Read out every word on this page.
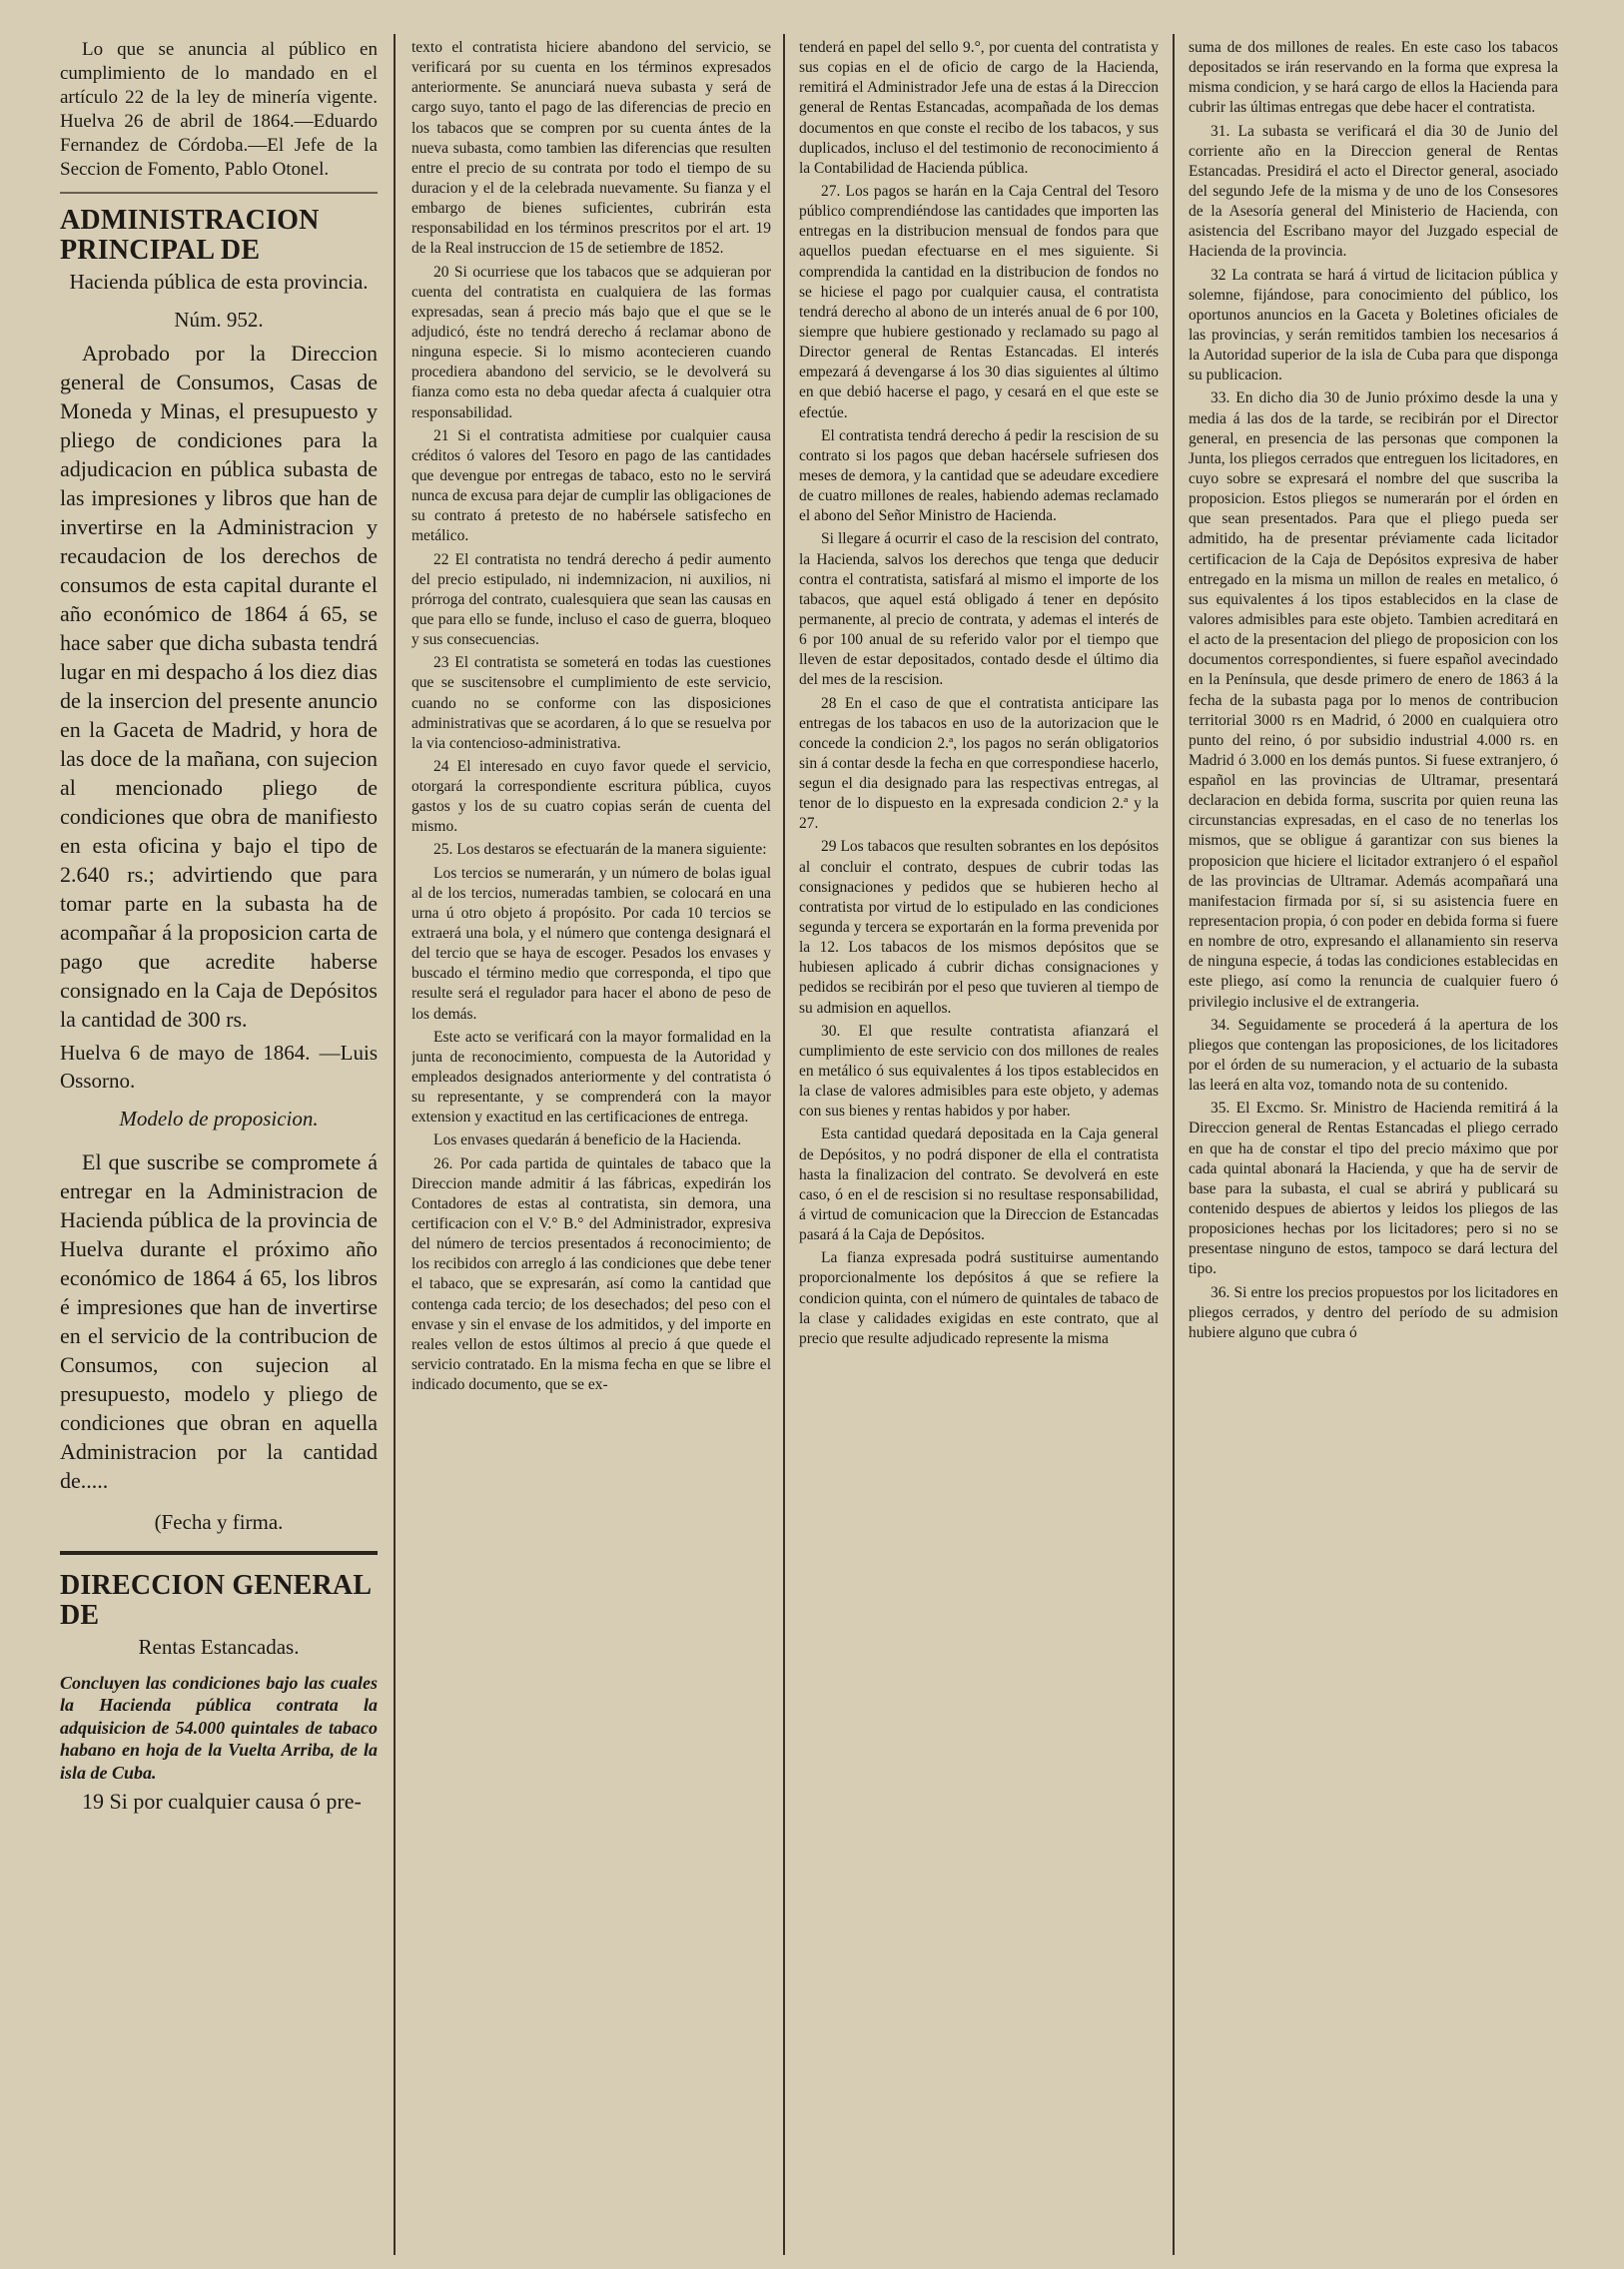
Lo que se anuncia al público en cumplimiento de lo mandado en el artículo 22 de la ley de minería vigente. Huelva 26 de abril de 1864.—Eduardo Fernandez de Córdoba.—El Jefe de la Seccion de Fomento, Pablo Otonel.

ADMINISTRACION PRINCIPAL DE
Hacienda pública de esta provincia.
Núm. 952.

Aprobado por la Direccion general de Consumos, Casas de Moneda y Minas, el presupuesto y pliego de condiciones para la adjudicacion en pública subasta de las impresiones y libros que han de invertirse en la Administracion y recaudacion de los derechos de consumos de esta capital durante el año económico de 1864 á 65, se hace saber que dicha subasta tendrá lugar en mi despacho á los diez dias de la insercion del presente anuncio en la Gaceta de Madrid, y hora de las doce de la mañana, con sujecion al mencionado pliego de condiciones que obra de manifiesto en esta oficina y bajo el tipo de 2.640 rs.; advirtiendo que para tomar parte en la subasta ha de acompañar á la proposicion carta de pago que acredite haberse consignado en la Caja de Depósitos la cantidad de 300 rs.

Huelva 6 de mayo de 1864. —Luis Ossorno.
Modelo de proposicion.

El que suscribe se compromete á entregar en la Administracion de Hacienda pública de la provincia de Huelva durante el próximo año económico de 1864 á 65, los libros é impresiones que han de invertirse en el servicio de la contribucion de Consumos, con sujecion al presupuesto, modelo y pliego de condiciones que obran en aquella Administracion por la cantidad de.....

(Fecha y firma.
DIRECCION GENERAL DE
Rentas Estancadas.

Concluyen las condiciones bajo las cuales la Hacienda pública contrata la adquisicion de 54.000 quintales de tabaco habano en hoja de la Vuelta Arriba, de la isla de Cuba.

19 Si por cualquier causa ó pre-

texto el contratista hiciere abandono del servicio, se verificará por su cuenta en los términos expresados anteriormente. Se anunciará nueva subasta y será de cargo suyo, tanto el pago de las diferencias de precio en los tabacos que se compren por su cuenta ántes de la nueva subasta, como tambien las diferencias que resulten entre el precio de su contrata por todo el tiempo de su duracion y el de la celebrada nuevamente. Su fianza y el embargo de bienes suficientes, cubrirán esta responsabilidad en los términos prescritos por el art. 19 de la Real instruccion de 15 de setiembre de 1852.

20 Si ocurriese que los tabacos que se adquieran por cuenta del contratista en cualquiera de las formas expresadas, sean á precio más bajo que el que se le adjudicó, éste no tendrá derecho á reclamar abono de ninguna especie. Si lo mismo acontecieren cuando procediera abandono del servicio, se le devolverá su fianza como esta no deba quedar afecta á cualquier otra responsabilidad.

21 Si el contratista admitiese por cualquier causa créditos ó valores del Tesoro en pago de las cantidades que devengue por entregas de tabaco, esto no le servirá nunca de excusa para dejar de cumplir las obligaciones de su contrato á pretesto de no habérsele satisfecho en metálico.

22 El contratista no tendrá derecho á pedir aumento del precio estipulado, ni indemnizacion, ni auxilios, ni prórroga del contrato, cualesquiera que sean las causas en que para ello se funde, incluso el caso de guerra, bloqueo y sus consecuencias.

23 El contratista se someterá en todas las cuestiones que se suscitensobre el cumplimiento de este servicio, cuando no se conforme con las disposiciones administrativas que se acordaren, á lo que se resuelva por la via contencioso-administrativa.

24 El interesado en cuyo favor quede el servicio, otorgará la correspondiente escritura pública, cuyos gastos y los de su cuatro copias serán de cuenta del mismo.

25. Los destaros se efectuarán de la manera siguiente:

Los tercios se numerarán, y un número de bolas igual al de los tercios, numeradas tambien, se colocará en una urna ú otro objeto á propósito. Por cada 10 tercios se extraerá una bola, y el número que contenga designará el del tercio que se haya de escoger. Pesados los envases y buscado el término medio que corresponda, el tipo que resulte será el regulador para hacer el abono de peso de los demás.

Este acto se verificará con la mayor formalidad en la junta de reconocimiento, compuesta de la Autoridad y empleados designados anteriormente y del contratista ó su representante, y se comprenderá con la mayor extension y exactitud en las certificaciones de entrega.

Los envases quedarán á beneficio de la Hacienda.

26. Por cada partida de quintales de tabaco que la Direccion mande admitir á las fábricas, expedirán los Contadores de estas al contratista, sin demora, una certificacion con el V.° B.° del Administrador, expresiva del número de tercios presentados á reconocimiento; de los recibidos con arreglo á las condiciones que debe tener el tabaco, que se expresarán, así como la cantidad que contenga cada tercio; de los desechados; del peso con el envase y sin el envase de los admitidos, y del importe en reales vellon de estos últimos al precio á que quede el servicio contratado. En la misma fecha en que se libre el indicado documento, que se ex-

tenderá en papel del sello 9.°, por cuenta del contratista y sus copias en el de oficio de cargo de la Hacienda, remitirá el Administrador Jefe una de estas á la Direccion general de Rentas Estancadas, acompañada de los demas documentos en que conste el recibo de los tabacos, y sus duplicados, incluso el del testimonio de reconocimiento á la Contabilidad de Hacienda pública.

27. Los pagos se harán en la Caja Central del Tesoro público comprendiéndose las cantidades que importen las entregas en la distribucion mensual de fondos para que aquellos puedan efectuarse en el mes siguiente. Si comprendida la cantidad en la distribucion de fondos no se hiciese el pago por cualquier causa, el contratista tendrá derecho al abono de un interés anual de 6 por 100, siempre que hubiere gestionado y reclamado su pago al Director general de Rentas Estancadas. El interés empezará á devengarse á los 30 dias siguientes al último en que debió hacerse el pago, y cesará en el que este se efectúe.

El contratista tendrá derecho á pedir la rescision de su contrato si los pagos que deban hacérsele sufriesen dos meses de demora, y la cantidad que se adeudare excediere de cuatro millones de reales, habiendo ademas reclamado el abono del Señor Ministro de Hacienda.

Si llegare á ocurrir el caso de la rescision del contrato, la Hacienda, salvos los derechos que tenga que deducir contra el contratista, satisfará al mismo el importe de los tabacos, que aquel está obligado á tener en depósito permanente, al precio de contrata, y ademas el interés de 6 por 100 anual de su referido valor por el tiempo que lleven de estar depositados, contado desde el último dia del mes de la rescision.

28 En el caso de que el contratista anticipare las entregas de los tabacos en uso de la autorizacion que le concede la condicion 2.ª, los pagos no serán obligatorios sin á contar desde la fecha en que correspondiese hacerlo, segun el dia designado para las respectivas entregas, al tenor de lo dispuesto en la expresada condicion 2.ª y la 27.

29 Los tabacos que resulten sobrantes en los depósitos al concluir el contrato, despues de cubrir todas las consignaciones y pedidos que se hubieren hecho al contratista por virtud de lo estipulado en las condiciones segunda y tercera se exportarán en la forma prevenida por la 12. Los tabacos de los mismos depósitos que se hubiesen aplicado á cubrir dichas consignaciones y pedidos se recibirán por el peso que tuvieren al tiempo de su admision en aquellos.

30. El que resulte contratista afianzará el cumplimiento de este servicio con dos millones de reales en metálico ó sus equivalentes á los tipos establecidos en la clase de valores admisibles para este objeto, y ademas con sus bienes y rentas habidos y por haber.

Esta cantidad quedará depositada en la Caja general de Depósitos, y no podrá disponer de ella el contratista hasta la finalizacion del contrato. Se devolverá en este caso, ó en el de rescision si no resultase responsabilidad, á virtud de comunicacion que la Direccion de Estancadas pasará á la Caja de Depósitos.

La fianza expresada podrá sustituirse aumentando proporcionalmente los depósitos á que se refiere la condicion quinta, con el número de quintales de tabaco de la clase y calidades exigidas en este contrato, que al precio que resulte adjudicado represente la misma

suma de dos millones de reales. En este caso los tabacos depositados se irán reservando en la forma que expresa la misma condicion, y se hará cargo de ellos la Hacienda para cubrir las últimas entregas que debe hacer el contratista.

31. La subasta se verificará el dia 30 de Junio del corriente año en la Direccion general de Rentas Estancadas. Presidirá el acto el Director general, asociado del segundo Jefe de la misma y de uno de los Consesores de la Asesoría general del Ministerio de Hacienda, con asistencia del Escribano mayor del Juzgado especial de Hacienda de la provincia.

32 La contrata se hará á virtud de licitacion pública y solemne, fijándose, para conocimiento del público, los oportunos anuncios en la Gaceta y Boletines oficiales de las provincias, y serán remitidos tambien los necesarios á la Autoridad superior de la isla de Cuba para que disponga su publicacion.

33. En dicho dia 30 de Junio próximo desde la una y media á las dos de la tarde, se recibirán por el Director general, en presencia de las personas que componen la Junta, los pliegos cerrados que entreguen los licitadores, en cuyo sobre se expresará el nombre del que suscriba la proposicion. Estos pliegos se numerarán por el órden en que sean presentados. Para que el pliego pueda ser admitido, ha de presentar préviamente cada licitador certificacion de la Caja de Depósitos expresiva de haber entregado en la misma un millon de reales en metalico, ó sus equivalentes á los tipos establecidos en la clase de valores admisibles para este objeto. Tambien acreditará en el acto de la presentacion del pliego de proposicion con los documentos correspondientes, si fuere español avecindado en la Península, que desde primero de enero de 1863 á la fecha de la subasta paga por lo menos de contribucion territorial 3000 rs en Madrid, ó 2000 en cualquiera otro punto del reino, ó por subsidio industrial 4.000 rs. en Madrid ó 3.000 en los demás puntos. Si fuese extranjero, ó español en las provincias de Ultramar, presentará declaracion en debida forma, suscrita por quien reuna las circunstancias expresadas, en el caso de no tenerlas los mismos, que se obligue á garantizar con sus bienes la proposicion que hiciere el licitador extranjero ó el español de las provincias de Ultramar. Además acompañará una manifestacion firmada por sí, si su asistencia fuere en representacion propia, ó con poder en debida forma si fuere en nombre de otro, expresando el allanamiento sin reserva de ninguna especie, á todas las condiciones establecidas en este pliego, así como la renuncia de cualquier fuero ó privilegio inclusive el de extrangeria.

34. Seguidamente se procederá á la apertura de los pliegos que contengan las proposiciones, de los licitadores por el órden de su numeracion, y el actuario de la subasta las leerá en alta voz, tomando nota de su contenido.

35. El Excmo. Sr. Ministro de Hacienda remitirá á la Direccion general de Rentas Estancadas el pliego cerrado en que ha de constar el tipo del precio máximo que por cada quintal abonará la Hacienda, y que ha de servir de base para la subasta, el cual se abrirá y publicará su contenido despues de abiertos y leidos los pliegos de las proposiciones hechas por los licitadores; pero si no se presentase ninguno de estos, tampoco se dará lectura del tipo.

36. Si entre los precios propuestos por los licitadores en pliegos cerrados, y dentro del período de su admision hubiere alguno que cubra ó
